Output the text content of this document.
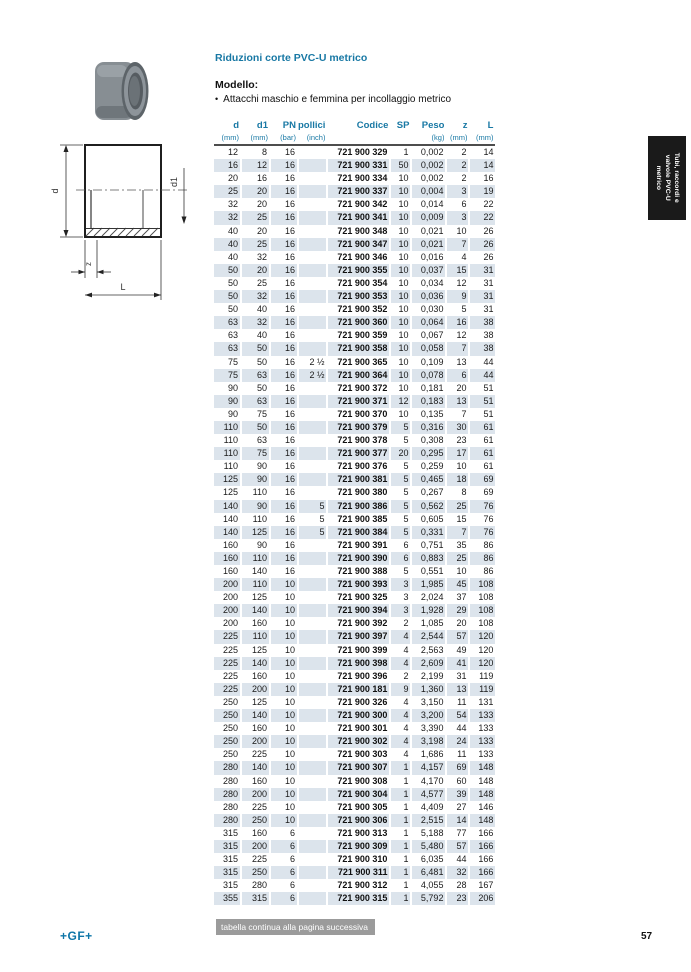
d
d1
z
L
Riduzioni corte PVC-U metrico
Modello:
• Attacchi maschio e femmina per incollaggio metrico
d	d1	PN	pollici	Codice	SP	Peso	z	L
(mm)	(mm)	(bar)	(inch)			(kg)	(mm)	(mm)
12	8	16		721 900 329	1	0,002	2	14
16	12	16		721 900 331	50	0,002	2	14
20	16	16		721 900 334	10	0,002	2	16
25	20	16		721 900 337	10	0,004	3	19
32	20	16		721 900 342	10	0,014	6	22
32	25	16		721 900 341	10	0,009	3	22
40	20	16		721 900 348	10	0,021	10	26
40	25	16		721 900 347	10	0,021	7	26
40	32	16		721 900 346	10	0,016	4	26
50	20	16		721 900 355	10	0,037	15	31
50	25	16		721 900 354	10	0,034	12	31
50	32	16		721 900 353	10	0,036	9	31
50	40	16		721 900 352	10	0,030	5	31
63	32	16		721 900 360	10	0,064	16	38
63	40	16		721 900 359	10	0,067	12	38
63	50	16		721 900 358	10	0,058	7	38
75	50	16	2 ½	721 900 365	10	0,109	13	44
75	63	16	2 ½	721 900 364	10	0,078	6	44
90	50	16		721 900 372	10	0,181	20	51
90	63	16		721 900 371	12	0,183	13	51
90	75	16		721 900 370	10	0,135	7	51
110	50	16		721 900 379	5	0,316	30	61
110	63	16		721 900 378	5	0,308	23	61
110	75	16		721 900 377	20	0,295	17	61
110	90	16		721 900 376	5	0,259	10	61
125	90	16		721 900 381	5	0,465	18	69
125	110	16		721 900 380	5	0,267	8	69
140	90	16	5	721 900 386	5	0,562	25	76
140	110	16	5	721 900 385	5	0,605	15	76
140	125	16	5	721 900 384	5	0,331	7	76
160	90	16		721 900 391	6	0,751	35	86
160	110	16		721 900 390	6	0,883	25	86
160	140	16		721 900 388	5	0,551	10	86
200	110	10		721 900 393	3	1,985	45	108
200	125	10		721 900 325	3	2,024	37	108
200	140	10		721 900 394	3	1,928	29	108
200	160	10		721 900 392	2	1,085	20	108
225	110	10		721 900 397	4	2,544	57	120
225	125	10		721 900 399	4	2,563	49	120
225	140	10		721 900 398	4	2,609	41	120
225	160	10		721 900 396	2	2,199	31	119
225	200	10		721 900 181	9	1,360	13	119
250	125	10		721 900 326	4	3,150	11	131
250	140	10		721 900 300	4	3,200	54	133
250	160	10		721 900 301	4	3,390	44	133
250	200	10		721 900 302	4	3,198	24	133
250	225	10		721 900 303	4	1,686	11	133
280	140	10		721 900 307	1	4,157	69	148
280	160	10		721 900 308	1	4,170	60	148
280	200	10		721 900 304	1	4,577	39	148
280	225	10		721 900 305	1	4,409	27	146
280	250	10		721 900 306	1	2,515	14	148
315	160	6		721 900 313	1	5,188	77	166
315	200	6		721 900 309	1	5,480	57	166
315	225	6		721 900 310	1	6,035	44	166
315	250	6		721 900 311	1	6,481	32	166
315	280	6		721 900 312	1	4,055	28	167
355	315	6		721 900 315	1	5,792	23	206
tabella continua alla pagina successiva
Tubi, raccordi e
valvole PVC-U
metrico
+GF+	57
